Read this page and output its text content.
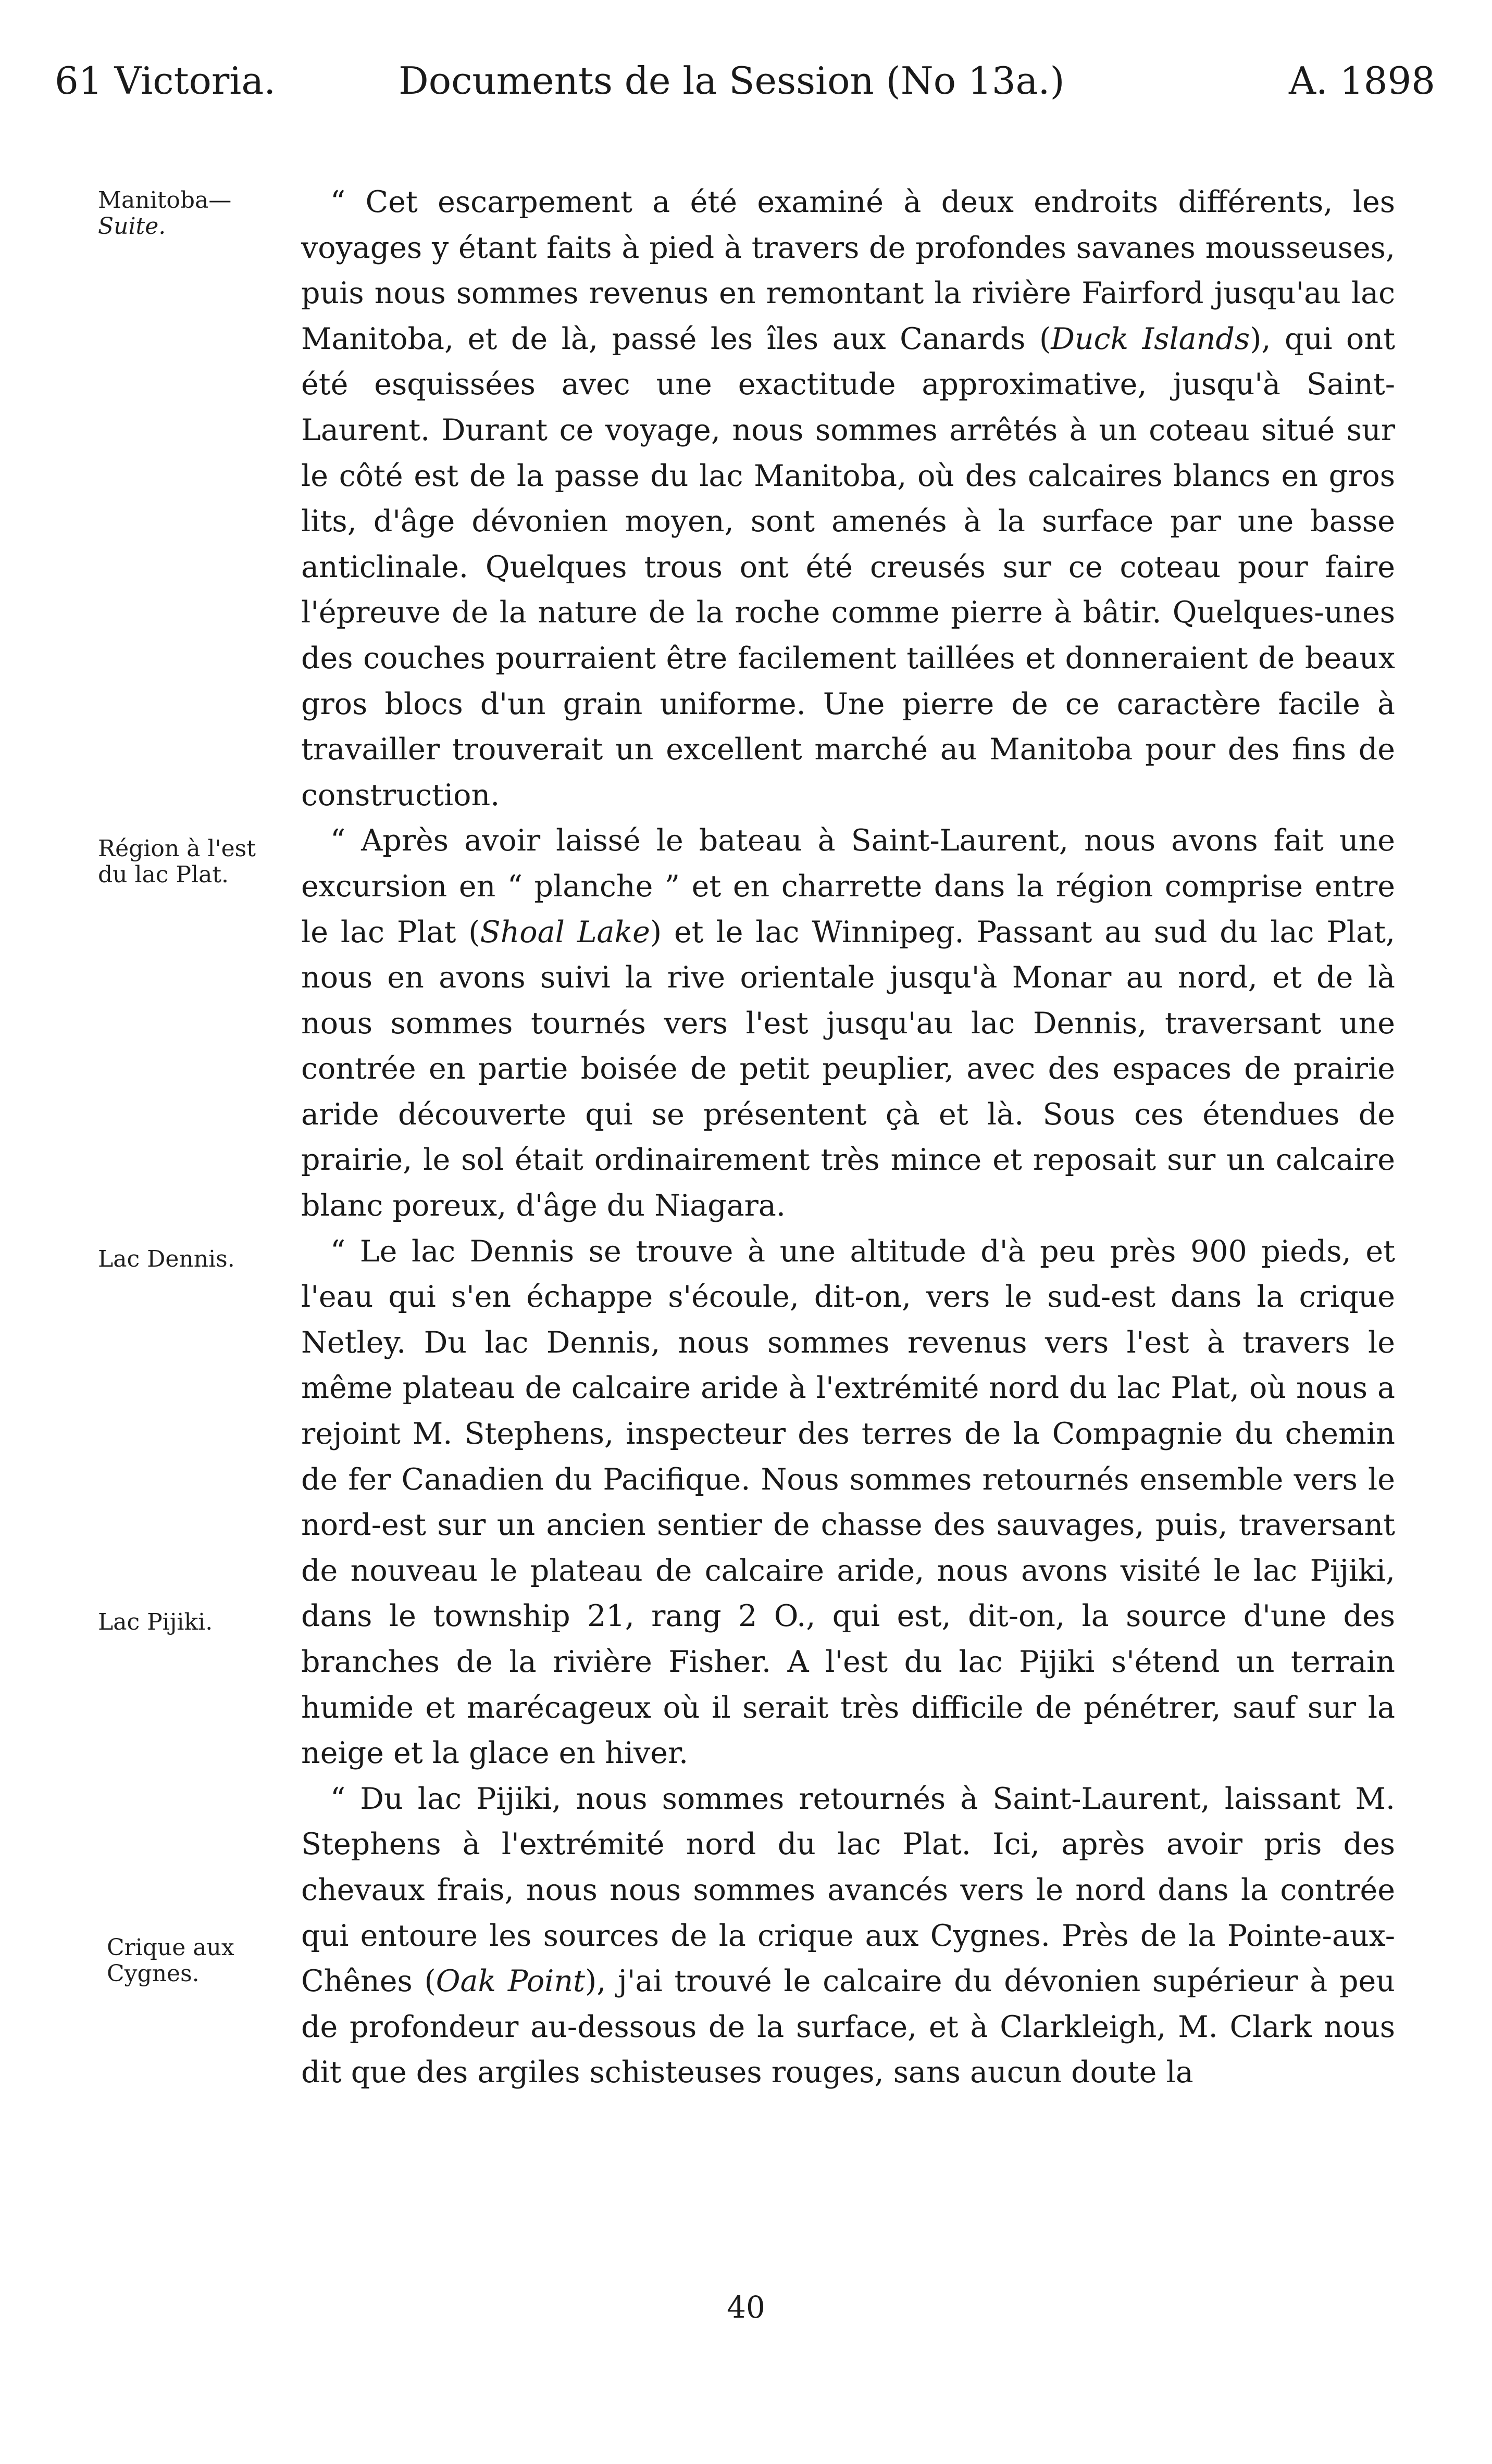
61 Victoria.	Documents de la Session (No 13a.)	A. 1898
Manitoba—
Suite.
Région à l'est
du lac Plat.
Lac Dennis.
Lac Pijiki.
Crique aux
Cygnes.

“ Cet escarpement a été examiné à deux endroits différents, les voyages y étant faits à pied à travers de profondes savanes mousseuses, puis nous sommes revenus en remontant la rivière Fairford jusqu'au lac Manitoba, et de là, passé les îles aux Canards (Duck Islands), qui ont été esquissées avec une exactitude approximative, jusqu'à Saint-Laurent. Durant ce voyage, nous sommes arrêtés à un coteau situé sur le côté est de la passe du lac Manitoba, où des calcaires blancs en gros lits, d'âge dévonien moyen, sont amenés à la surface par une basse anticlinale. Quelques trous ont été creusés sur ce coteau pour faire l'épreuve de la nature de la roche comme pierre à bâtir. Quelques-unes des couches pourraient être facilement taillées et donneraient de beaux gros blocs d'un grain uniforme. Une pierre de ce caractère facile à travailler trouverait un excellent marché au Manitoba pour des fins de construction.

“ Après avoir laissé le bateau à Saint-Laurent, nous avons fait une excursion en “ planche ” et en charrette dans la région comprise entre le lac Plat (Shoal Lake) et le lac Winnipeg. Passant au sud du lac Plat, nous en avons suivi la rive orientale jusqu'à Monar au nord, et de là nous sommes tournés vers l'est jusqu'au lac Dennis, traversant une contrée en partie boisée de petit peuplier, avec des espaces de prairie aride découverte qui se présentent çà et là. Sous ces étendues de prairie, le sol était ordinairement très mince et reposait sur un calcaire blanc poreux, d'âge du Niagara.

“ Le lac Dennis se trouve à une altitude d'à peu près 900 pieds, et l'eau qui s'en échappe s'écoule, dit-on, vers le sud-est dans la crique Netley. Du lac Dennis, nous sommes revenus vers l'est à travers le même plateau de calcaire aride à l'extrémité nord du lac Plat, où nous a rejoint M. Stephens, inspecteur des terres de la Compagnie du chemin de fer Canadien du Pacifique. Nous sommes retournés ensemble vers le nord-est sur un ancien sentier de chasse des sauvages, puis, traversant de nouveau le plateau de calcaire aride, nous avons visité le lac Pijiki, dans le township 21, rang 2 O., qui est, dit-on, la source d'une des branches de la rivière Fisher. A l'est du lac Pijiki s'étend un terrain humide et marécageux où il serait très difficile de pénétrer, sauf sur la neige et la glace en hiver.

“ Du lac Pijiki, nous sommes retournés à Saint-Laurent, laissant M. Stephens à l'extrémité nord du lac Plat. Ici, après avoir pris des chevaux frais, nous nous sommes avancés vers le nord dans la contrée qui entoure les sources de la crique aux Cygnes. Près de la Pointe-aux-Chênes (Oak Point), j'ai trouvé le calcaire du dévonien supérieur à peu de profondeur au-dessous de la surface, et à Clarkleigh, M. Clark nous dit que des argiles schisteuses rouges, sans aucun doute la

40
